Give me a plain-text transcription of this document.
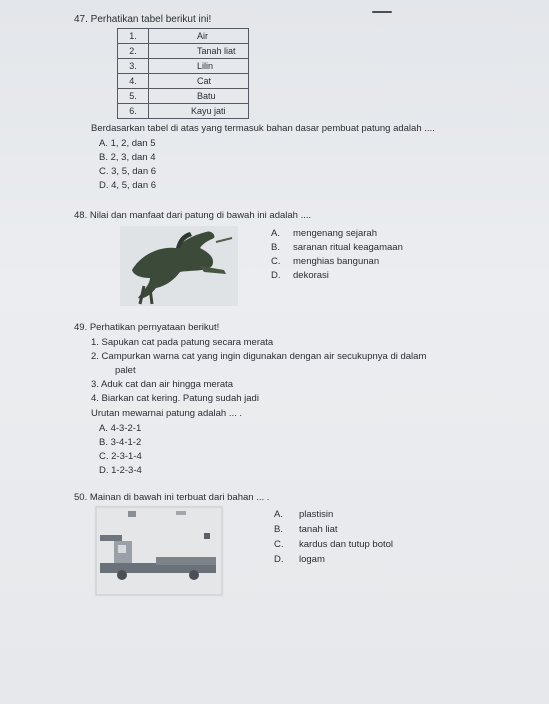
47. Perhatikan tabel berikut ini!
1.	Air
2.	Tanah liat
3.	Lilin
4.	Cat
5.	Batu
6.	Kayu jati
Berdasarkan tabel di atas yang termasuk bahan dasar pembuat patung adalah ....
A. 1, 2, dan 5
B. 2, 3, dan 4
C. 3, 5, dan 6
D. 4, 5, dan 6
48. Nilai dan manfaat dari patung di bawah ini adalah ....
A. mengenang sejarah
B. saranan ritual keagamaan
C. menghias bangunan
D. dekorasi
49. Perhatikan pernyataan berikut!
1. Sapukan cat pada patung secara merata
2. Campurkan warna cat yang ingin digunakan dengan air secukupnya di dalam
palet
3. Aduk cat dan air hingga merata
4. Biarkan cat kering. Patung sudah jadi
Urutan mewarnai patung adalah ... .
A. 4-3-2-1
B. 3-4-1-2
C. 2-3-1-4
D. 1-2-3-4
50. Mainan di bawah ini terbuat dari bahan ... .
A. plastisin
B. tanah liat
C. kardus dan tutup botol
D. logam
